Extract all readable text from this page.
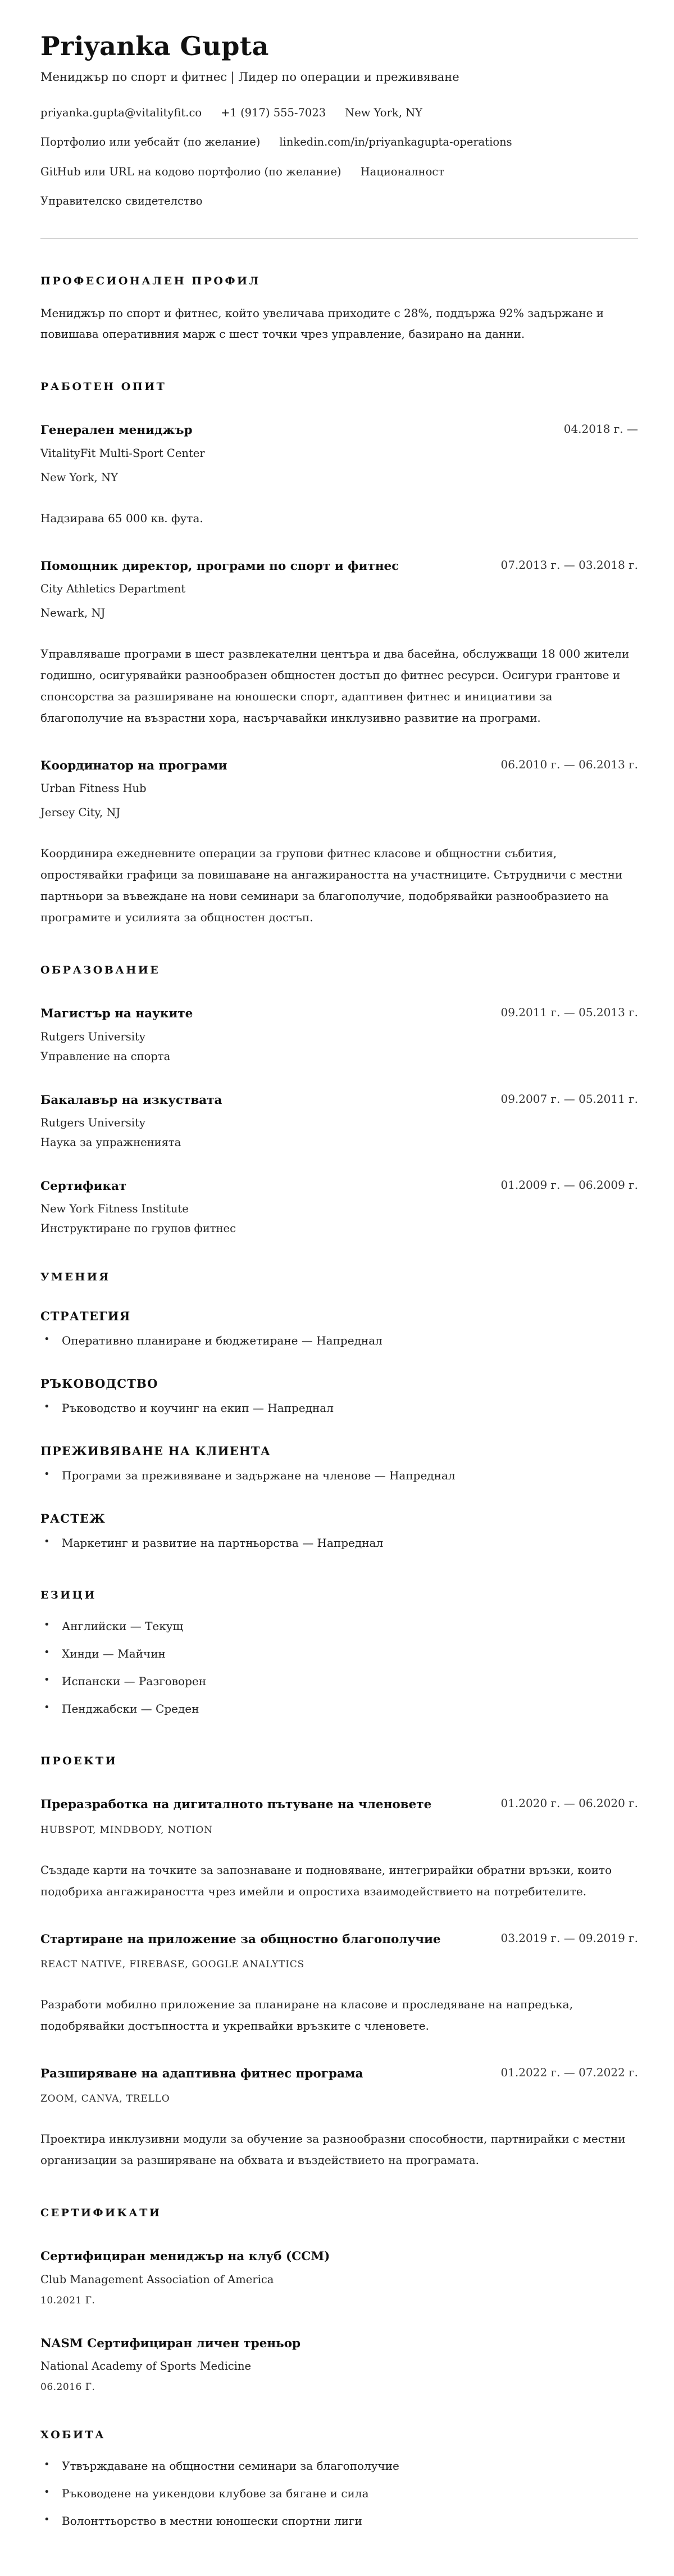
Priyanka Gupta
Мениджър по спорт и фитнес | Лидер по операции и преживяване
priyanka.gupta@vitalityfit.co +1 (917) 555-7023 New York, NY
Портфолио или уебсайт (по желание) linkedin.com/in/priyankagupta-operations
GitHub или URL на кодово портфолио (по желание) Националност
Управителско свидетелство
ПРОФЕСИОНАЛЕН ПРОФИЛ

Мениджър по спорт и фитнес, който увеличава приходите с 28%, поддържа 92% задържане и повишава оперативния марж с шест точки чрез управление, базирано на данни.

РАБОТЕН ОПИТ
Генерален мениджър	04.2018 г. —
VitalityFit Multi-Sport Center
New York, NY

Надзирава 65 000 кв. фута.

Помощник директор, програми по спорт и фитнес	07.2013 г. — 03.2018 г.
City Athletics Department
Newark, NJ

Управляваше програми в шест развлекателни центъра и два басейна, обслужващи 18 000 жители годишно, осигурявайки разнообразен общностен достъп до фитнес ресурси. Осигури грантове и спонсорства за разширяване на юношески спорт, адаптивен фитнес и инициативи за благополучие на възрастни хора, насърчавайки инклузивно развитие на програми.

Координатор на програми	06.2010 г. — 06.2013 г.
Urban Fitness Hub
Jersey City, NJ

Координира ежедневните операции за групови фитнес класове и общностни събития, опростявайки графици за повишаване на ангажираността на участниците. Сътрудничи с местни партньори за въвеждане на нови семинари за благополучие, подобрявайки разнообразието на програмите и усилията за общностен достъп.

ОБРАЗОВАНИЕ
Магистър на науките	09.2011 г. — 05.2013 г.
Rutgers University
Управление на спорта
Бакалавър на изкуствата	09.2007 г. — 05.2011 г.
Rutgers University
Наука за упражненията
Сертификат	01.2009 г. — 06.2009 г.
New York Fitness Institute
Инструктиране по групов фитнес
УМЕНИЯ
СТРАТЕГИЯ
• Оперативно планиране и бюджетиране — Напреднал
РЪКОВОДСТВО
• Ръководство и коучинг на екип — Напреднал
ПРЕЖИВЯВАНЕ НА КЛИЕНТА
• Програми за преживяване и задържане на членове — Напреднал
РАСТЕЖ
• Маркетинг и развитие на партньорства — Напреднал
ЕЗИЦИ
• Английски — Текущ
• Хинди — Майчин
• Испански — Разговорен
• Пенджабски — Среден
ПРОЕКТИ
Преразработка на дигиталното пътуване на членовете	01.2020 г. — 06.2020 г.
HUBSPOT, MINDBODY, NOTION

Създаде карти на точките за запознаване и подновяване, интегрирайки обратни връзки, които подобриха ангажираността чрез имейли и опростиха взаимодействието на потребителите.

Стартиране на приложение за общностно благополучие	03.2019 г. — 09.2019 г.
REACT NATIVE, FIREBASE, GOOGLE ANALYTICS

Разработи мобилно приложение за планиране на класове и проследяване на напредъка, подобрявайки достъпността и укрепвайки връзките с членовете.

Разширяване на адаптивна фитнес програма	01.2022 г. — 07.2022 г.
ZOOM, CANVA, TRELLO

Проектира инклузивни модули за обучение за разнообразни способности, партнирайки с местни организации за разширяване на обхвата и въздействието на програмата.

СЕРТИФИКАТИ
Сертифициран мениджър на клуб (CCM)
Club Management Association of America
10.2021 Г.
NASM Сертифициран личен треньор
National Academy of Sports Medicine
06.2016 Г.
ХОБИТА
• Утвърждаване на общностни семинари за благополучие
• Ръководене на уикендови клубове за бягане и сила
• Волонттьорство в местни юношески спортни лиги
